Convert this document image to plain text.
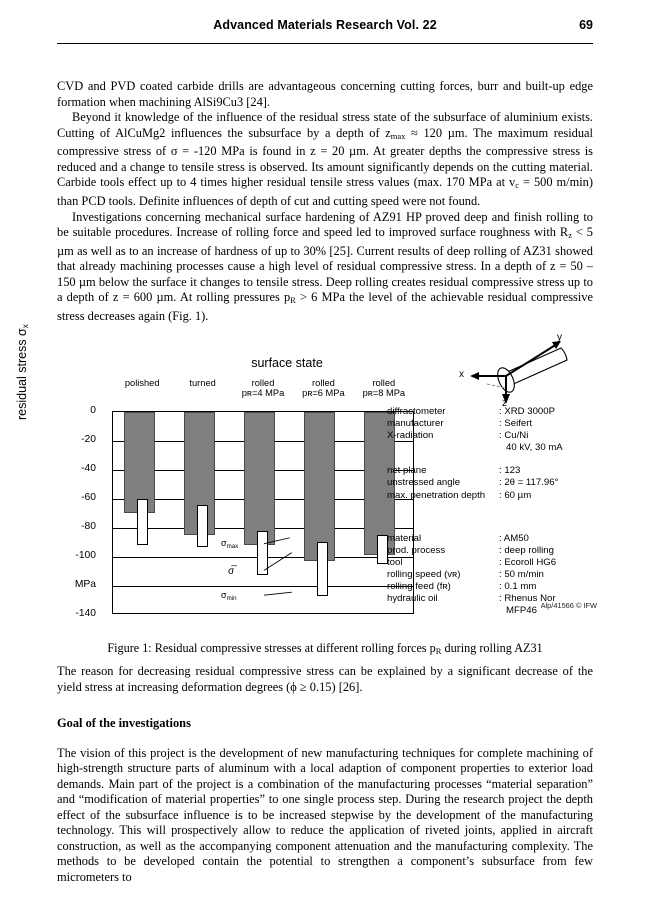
Advanced Materials Research Vol. 22	69

CVD and PVD coated carbide drills are advantageous concerning cutting forces, burr and built-up edge formation when machining AlSi9Cu3 [24].

Beyond it knowledge of the influence of the residual stress state of the subsurface of aluminium exists. Cutting of AlCuMg2 influences the subsurface by a depth of $z_{max} \approx 120$ µm. The maximum residual compressive stress of σ = -120 MPa is found in z = 20 µm. At greater depths the compressive stress is reduced and a change to tensile stress is observed. Its amount significantly depends on the cutting material. Carbide tools effect up to 4 times higher residual tensile stress values (max. 170 MPa at $v_c = 500$ m/min) than PCD tools. Definite influences of depth of cut and cutting speed were not found.

Investigations concerning mechanical surface hardening of AZ91 HP proved deep and finish rolling to be suitable procedures. Increase of rolling force and speed led to improved surface roughness with $R_z < 5$ µm as well as to an increase of hardness of up to 30% [25]. Current results of deep rolling of AZ31 showed that already machining processes cause a high level of residual compressive stress. In a depth of z = 50 – 150 µm below the surface it changes to tensile stress. Deep rolling creates residual compressive stress up to a depth of z = 600 µm. At rolling pressures $p_R > 6$ MPa the level of the achievable residual compressive stress decreases again (Fig. 1).

surface state
y
x
z
polished	turned	rolled
pʀ=4 MPa
rolled
pʀ=6 MPa
rolled
pʀ=8 MPa
residual stress σx
0
-20
-40
-60
-80
-100
MPa
-140
$\sigma_{max}$
σ̅
$\sigma_{min}$
diffractometer	: XRD 3000P
manufacturer	: Seifert
X-radiation	: Cu/Ni
	40 kV, 30 mA

net plane	: 123
unstressed angle	: 2θ = 117.96°
max. penetration depth	: 60 µm
material	: AM50
prod. process	: deep rolling
tool	: Ecoroll HG6
rolling speed (vʀ)	: 50 m/min
rolling feed (fʀ)	: 0.1 mm
hydraulic oil	: Rhenus Nor
	MFP46 Alp/41566 © IFW
Figure 1: Residual compressive stresses at different rolling forces $p_R$ during rolling AZ31

The reason for decreasing residual compressive stress can be explained by a significant decrease of the yield stress at increasing deformation degrees (ϕ ≥ 0.15) [26].

Goal of the investigations

The vision of this project is the development of new manufacturing techniques for complete machining of high-strength structure parts of aluminum with a local adaption of component properties to exterior load demands. Main part of the project is a combination of the manufacturing processes “material separation” and “modification of material properties” to one single process step. During the research project the depth effect of the subsurface influence is to be increased stepwise by the development of the manufacturing technology. This will prospectively allow to reduce the application of riveted joints, applied in aircraft construction, as well as the accompanying component attenuation and the manufacturing complexity. The methods to be developed contain the potential to strengthen a component’s subsurface from few micrometers to
